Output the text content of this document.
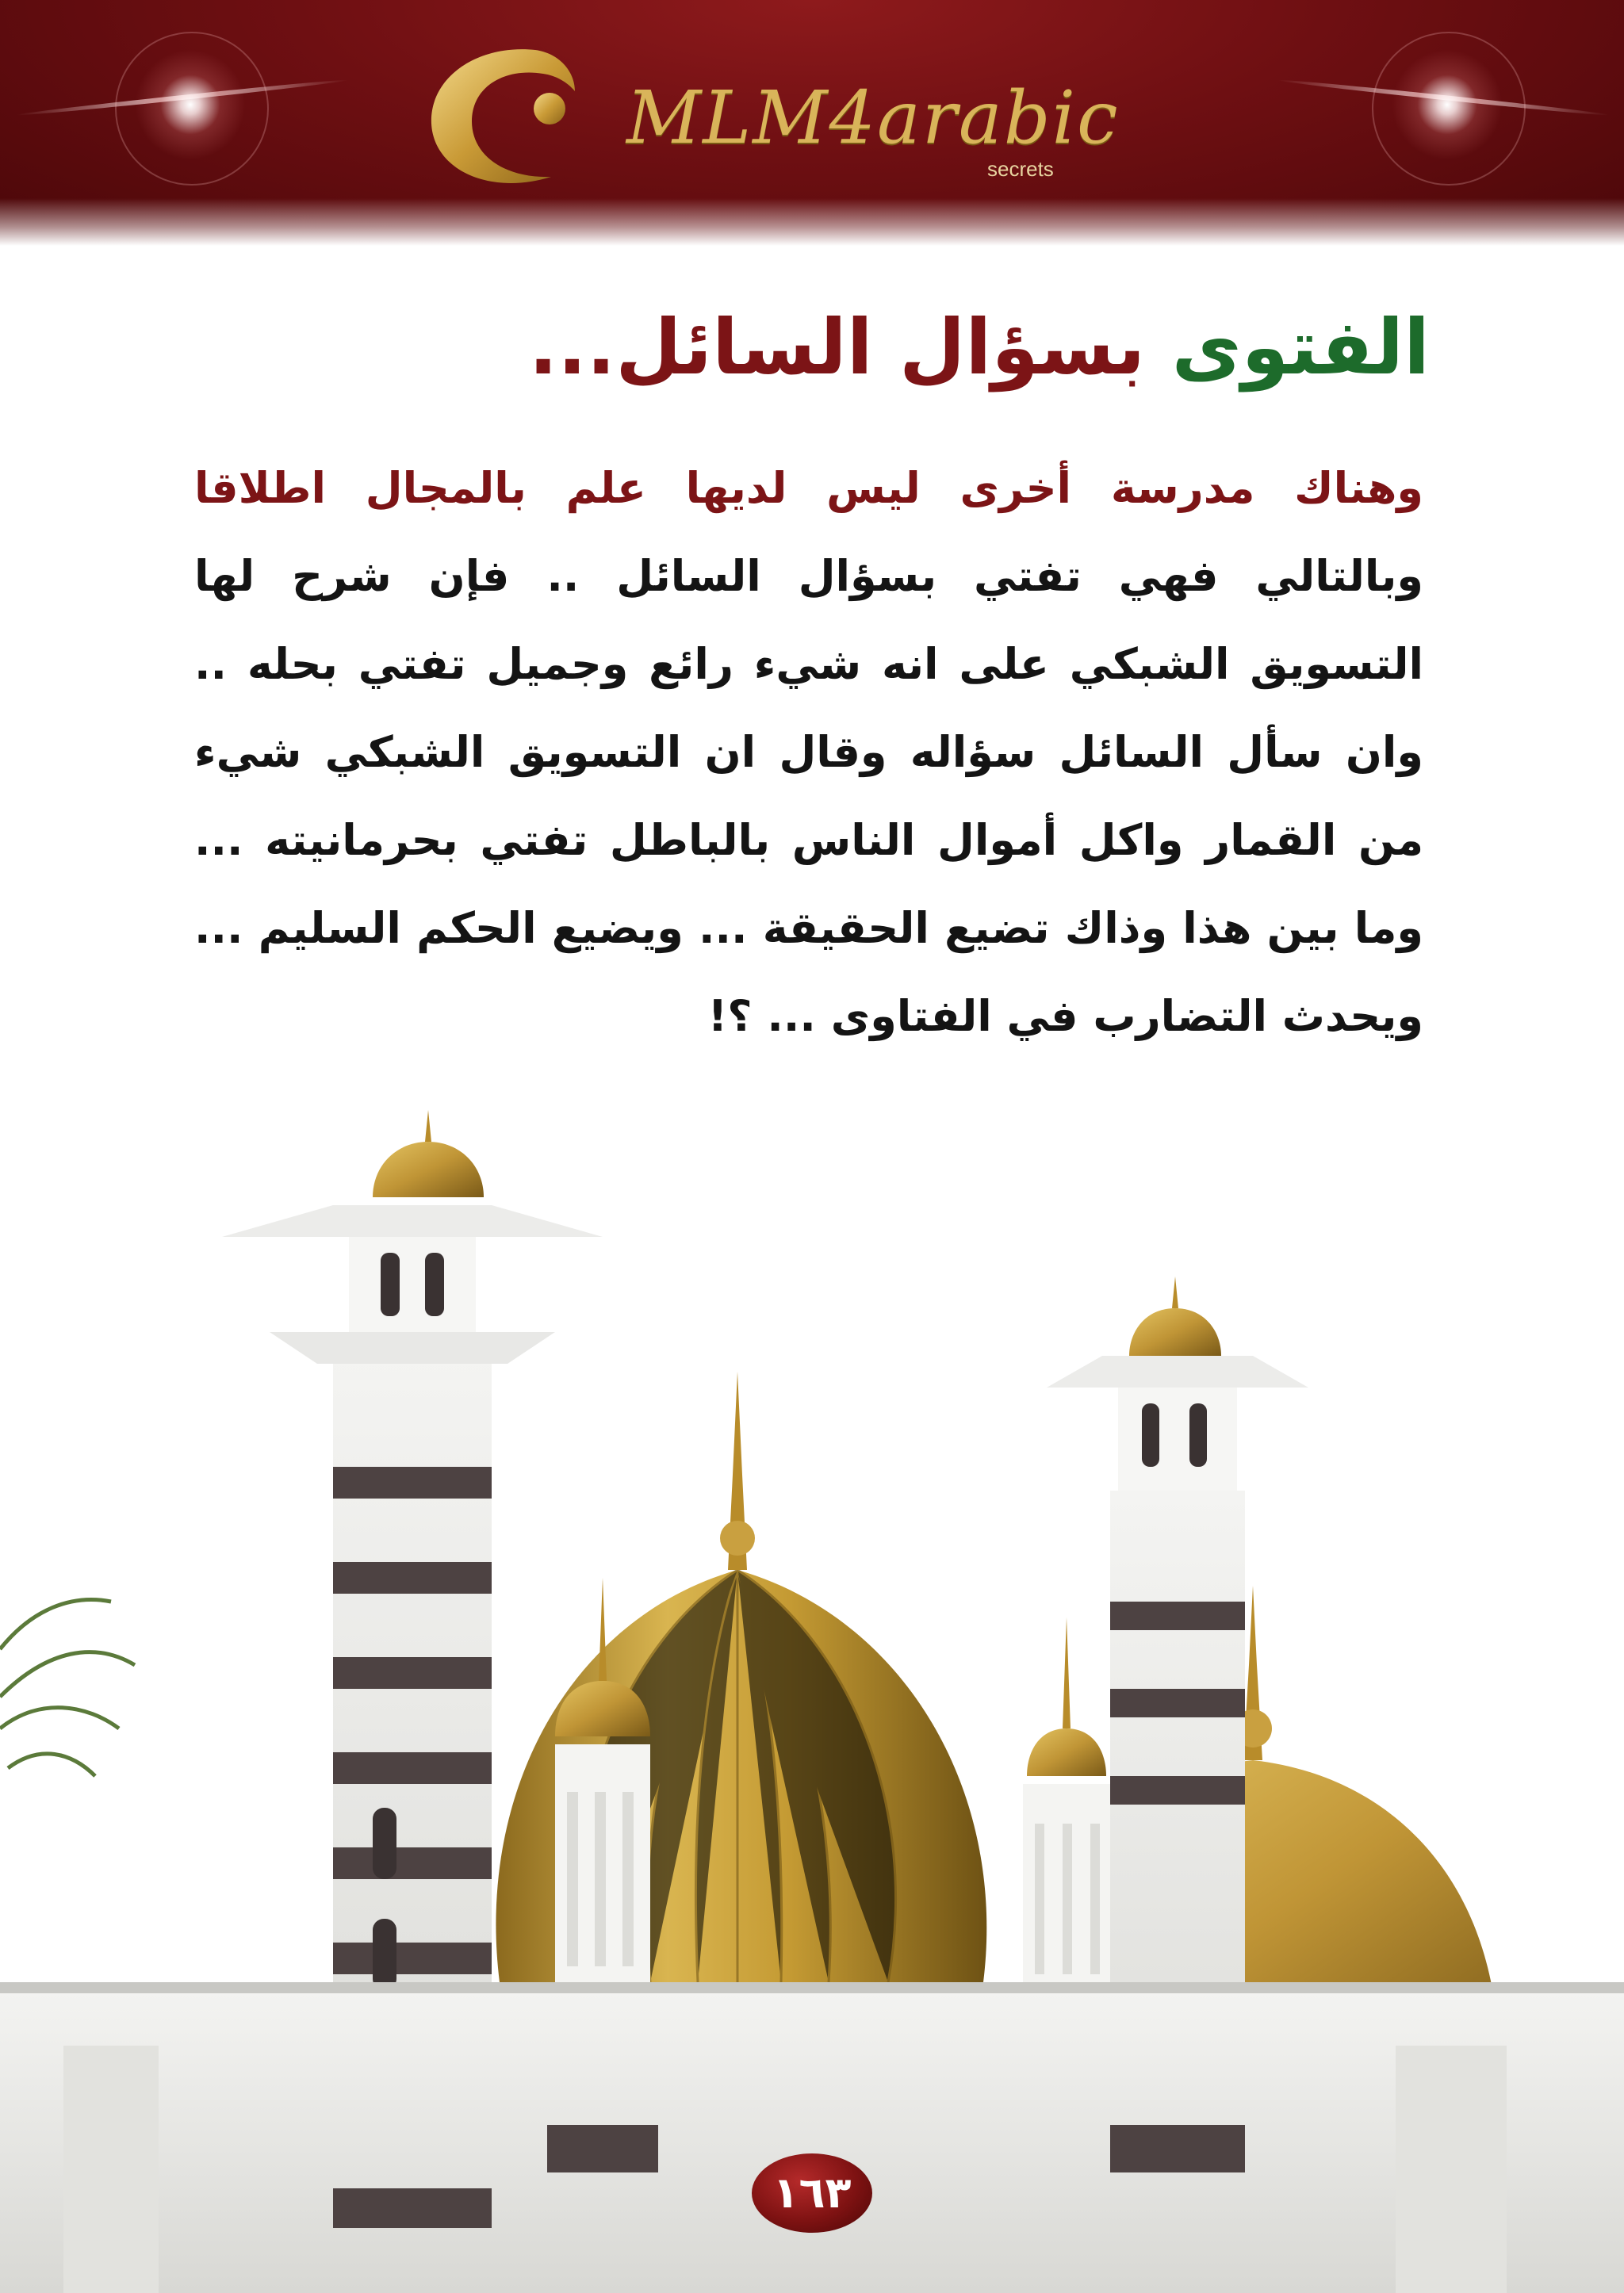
MLM4arabic
secrets
الفتوى بسؤال السائل...
وهناك مدرسة أخرى ليس لديها علم بالمجال اطلاقا وبالتالي فهي تفتي بسؤال السائل .. فإن شرح لها التسويق الشبكي على انه شيء رائع وجميل تفتي بحله .. وان سأل السائل سؤاله وقال ان التسويق الشبكي شيء من القمار واكل أموال الناس بالباطل تفتي بحرمانيته ... وما بين هذا وذاك تضيع الحقيقة ... ويضيع الحكم السليم ... ويحدث التضارب في الفتاوى ... ؟!
١٦٣
